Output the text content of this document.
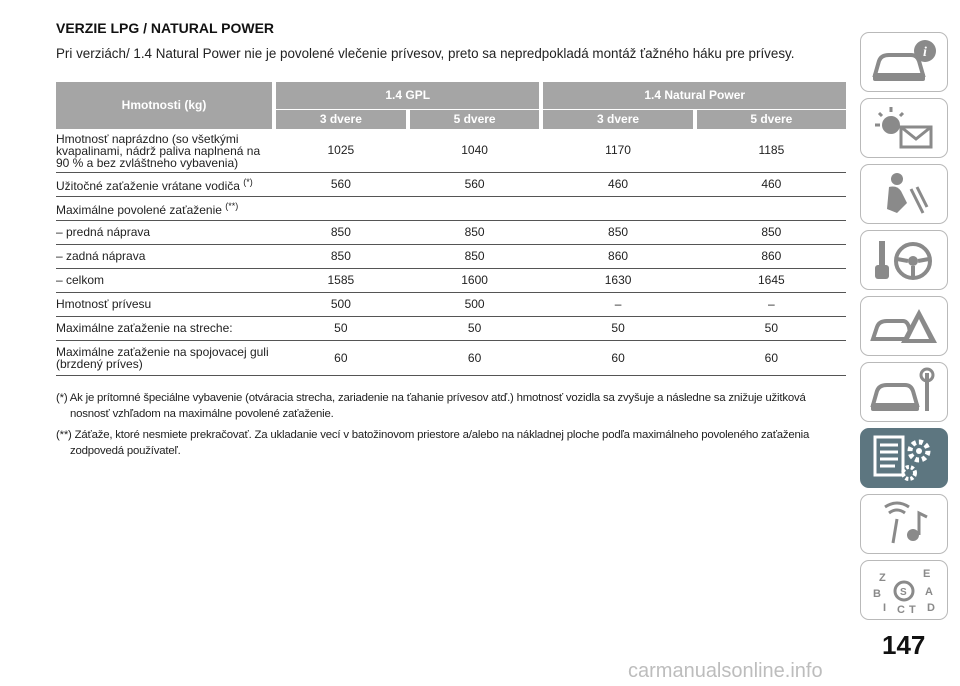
VERZIE LPG / NATURAL POWER
Pri verziách/ 1.4 Natural Power nie je povolené vlečenie prívesov, preto sa nepredpokladá montáž ťažného háku pre prívesy.
Hmotnosti (kg)		1.4 GPL				1.4 Natural Power		
		3 dvere		5 dvere		3 dvere		5 dvere
Hmotnosť naprázdno (so všetkými kvapalinami, nádrž paliva naplnená na 90 % a bez zvláštneho vybavenia)		1025		1040		1170		1185
Užitočné zaťaženie vrátane vodiča (*)		560		560		460		460
Maximálne povolené zaťaženie (**)								
– predná náprava		850		850		850		850
– zadná náprava		850		850		860		860
– celkom		1585		1600		1630		1645
Hmotnosť prívesu		500		500		–		–
Maximálne zaťaženie na streche:		50		50		50		50
Maximálne zaťaženie na spojovacej guli (brzdený príves)		60		60		60		60
(*) Ak je prítomné špeciálne vybavenie (otváracia strecha, zariadenie na ťahanie prívesov atď.) hmotnosť vozidla sa zvyšuje a následne sa znižuje užitková nosnosť vzhľadom na maximálne povolené zaťaženie.
(**) Záťaže, ktoré nesmiete prekračovať. Za ukladanie vecí v batožinovom priestore a/alebo na nákladnej ploche podľa maximálneho povoleného zaťaženia zodpovedá používateľ.
i
Z	E
B	A
I C T D
S
147
carmanualsonline.info
